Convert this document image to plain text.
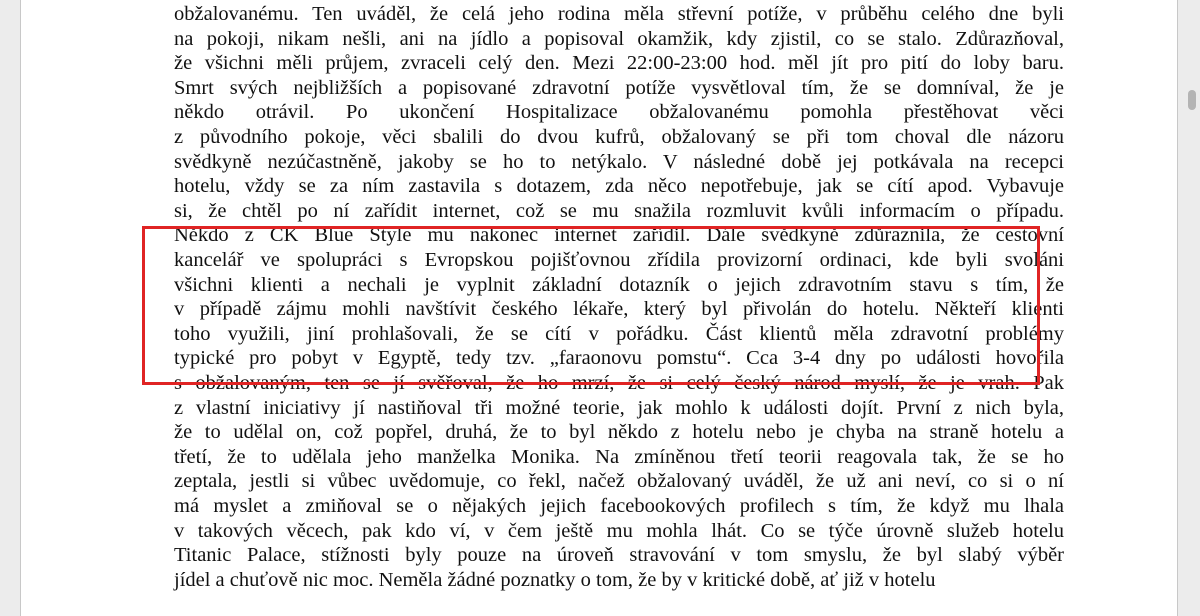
obžalovanému. Ten uváděl, že celá jeho rodina měla střevní potíže, v průběhu celého dne byli
na pokoji, nikam nešli, ani na jídlo a popisoval okamžik, kdy zjistil, co se stalo. Zdůrazňoval,
že všichni měli průjem, zvraceli celý den. Mezi 22:00-23:00 hod. měl jít pro pití do loby baru.
Smrt svých nejbližších a popisované zdravotní potíže vysvětloval tím, že se domníval, že je
někdo otrávil. Po ukončení Hospitalizace obžalovanému pomohla přestěhovat věci
z původního pokoje, věci sbalili do dvou kufrů, obžalovaný se při tom choval dle názoru
svědkyně nezúčastněně, jakoby se ho to netýkalo. V následné době jej potkávala na recepci
hotelu, vždy se za ním zastavila s dotazem, zda něco nepotřebuje, jak se cítí apod. Vybavuje
si, že chtěl po ní zařídit internet, což se mu snažila rozmluvit kvůli informacím o případu.
Někdo z CK Blue Style mu nakonec internet zařídil. Dále svědkyně zdůraznila, že cestovní
kancelář ve spolupráci s Evropskou pojišťovnou zřídila provizorní ordinaci, kde byli svoláni
všichni klienti a nechali je vyplnit základní dotazník o jejich zdravotním stavu s tím, že
v případě zájmu mohli navštívit českého lékaře, který byl přivolán do hotelu. Někteří klienti
toho využili, jiní prohlašovali, že se cítí v pořádku. Část klientů měla zdravotní problémy
typické pro pobyt v Egyptě, tedy tzv. „faraonovu pomstu“. Cca 3-4 dny po události hovořila
s obžalovaným, ten se jí svěřoval, že ho mrzí, že si celý český národ myslí, že je vrah. Pak
z vlastní iniciativy jí nastiňoval tři možné teorie, jak mohlo k události dojít. První z nich byla,
že to udělal on, což popřel, druhá, že to byl někdo z hotelu nebo je chyba na straně hotelu a
třetí, že to udělala jeho manželka Monika. Na zmíněnou třetí teorii reagovala tak, že se ho
zeptala, jestli si vůbec uvědomuje, co řekl, načež obžalovaný uváděl, že už ani neví, co si o ní
má myslet a zmiňoval se o nějakých jejich facebookových profilech s tím, že když mu lhala
v takových věcech, pak kdo ví, v čem ještě mu mohla lhát. Co se týče úrovně služeb hotelu
Titanic Palace, stížnosti byly pouze na úroveň stravování v tom smyslu, že byl slabý výběr
jídel a chuťově nic moc. Neměla žádné poznatky o tom, že by v kritické době, ať již v hotelu
